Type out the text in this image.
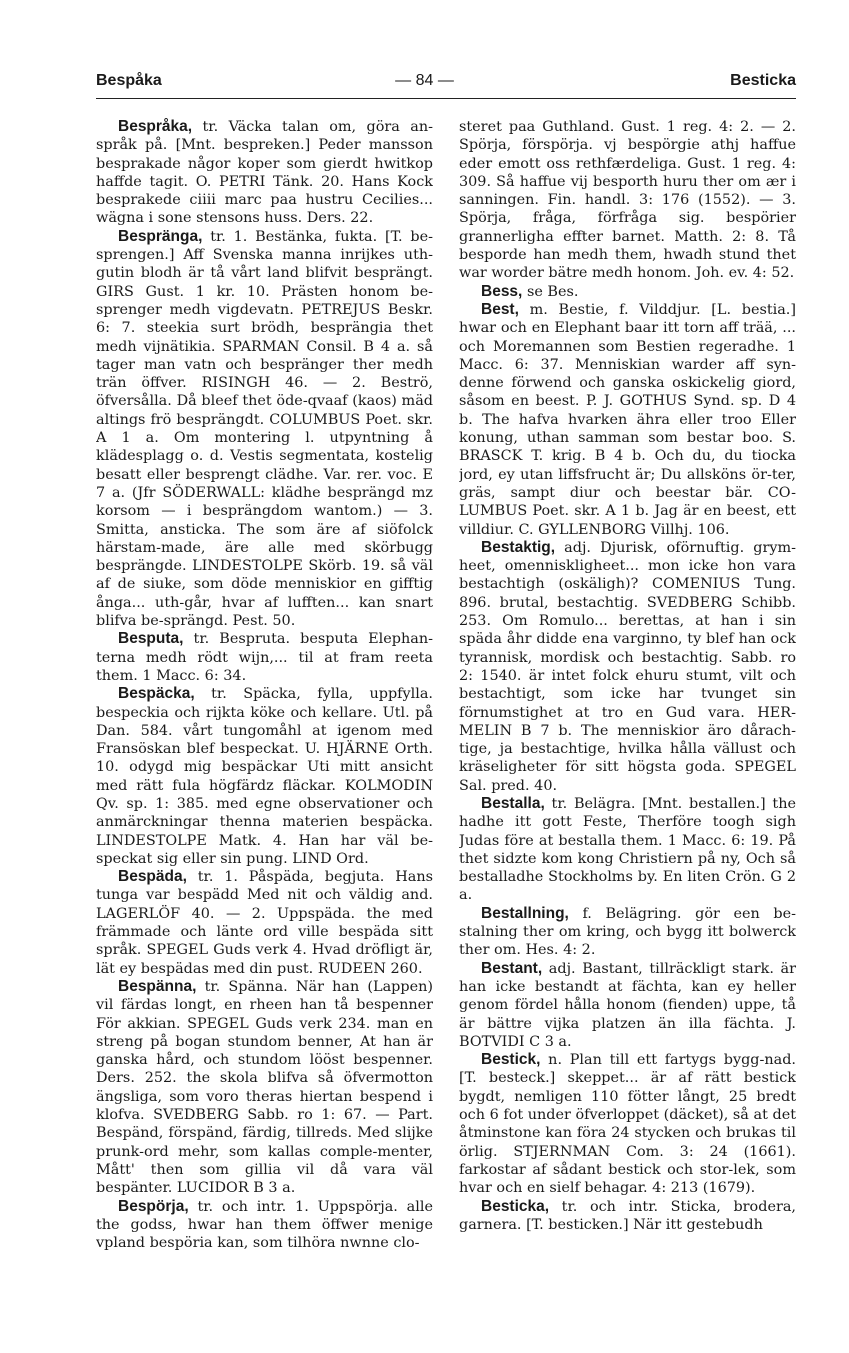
Bespåka	— 84 —	Besticka

Bespråka, tr. Väcka talan om, göra an-språk på. [Mnt. bespreken.] Peder mansson besprakade någor koper som gierdt hwitkop haffde tagit. O. PETRI Tänk. 20. Hans Kock besprakede ciiii marc paa hustru Cecilies... wägna i sone stensons huss. Ders. 22.

Bespränga, tr. 1. Bestänka, fukta. [T. be-sprengen.] Aff Svenska manna inrijkes uth-gutin blodh är tå vårt land blifvit besprängt. GIRS Gust. 1 kr. 10. Prästen honom be-sprenger medh vigdevatn. PETREJUS Beskr. 6: 7. steekia surt brödh, besprängia thet medh vijnätikia. SPARMAN Consil. B 4 a. så tager man vatn och bespränger ther medh trän öffver. RISINGH 46. — 2. Beströ, öfversålla. Då bleef thet öde-qvaaf (kaos) mäd altings frö besprängdt. COLUMBUS Poet. skr. A 1 a. Om montering l. utpyntning å klädesplagg o. d. Vestis segmentata, kostelig besatt eller besprengt clädhe. Var. rer. voc. E 7 a. (Jfr SÖDERWALL: klädhe besprängd mz korsom — i besprängdom wantom.) — 3. Smitta, ansticka. The som äre af siöfolck härstam-made, äre alle med skörbugg besprängde. LINDESTOLPE Skörb. 19. så väl af de siuke, som döde menniskior en gifftig ånga... uth-går, hvar af lufften... kan snart blifva be-sprängd. Pest. 50.

Besputa, tr. Bespruta. besputa Elephan-terna medh rödt wijn,... til at fram reeta them. 1 Macc. 6: 34.

Bespäcka, tr. Späcka, fylla, uppfylla. bespeckia och rijkta köke och kellare. Utl. på Dan. 584. vårt tungomåhl at igenom med Fransöskan blef bespeckat. U. HJÄRNE Orth. 10. odygd mig bespäckar Uti mitt ansicht med rätt fula högfärdz fläckar. KOLMODIN Qv. sp. 1: 385. med egne observationer och anmärckningar thenna materien bespäcka. LINDESTOLPE Matk. 4. Han har väl be-speckat sig eller sin pung. LIND Ord.

Bespäda, tr. 1. Påspäda, begjuta. Hans tunga var bespädd Med nit och väldig and. LAGERLÖF 40. — 2. Uppspäda. the med främmade och länte ord ville bespäda sitt språk. SPEGEL Guds verk 4. Hvad dröfligt är, lät ey bespädas med din pust. RUDEEN 260.

Bespänna, tr. Spänna. När han (Lappen) vil färdas longt, en rheen han tå bespenner För akkian. SPEGEL Guds verk 234. man en streng på bogan stundom benner, At han är ganska hård, och stundom lööst bespenner. Ders. 252. the skola blifva så öfvermotton ängsliga, som voro theras hiertan bespend i klofva. SVEDBERG Sabb. ro 1: 67. — Part. Bespänd, förspänd, färdig, tillreds. Med slijke prunk-ord mehr, som kallas comple-menter, Mått' then som gillia vil då vara väl bespänter. LUCIDOR B 3 a.

Bespörja, tr. och intr. 1. Uppspörja. alle the godss, hwar han them öffwer menige vpland bespöria kan, som tilhöra nwnne clo-

steret paa Guthland. Gust. 1 reg. 4: 2. — 2. Spörja, förspörja. vj bespörgie athj haffue eder emott oss rethfærdeliga. Gust. 1 reg. 4: 309. Så haffue vij besporth huru ther om ær i sanningen. Fin. handl. 3: 176 (1552). — 3. Spörja, fråga, förfråga sig. bespörier grannerligha effter barnet. Matth. 2: 8. Tå besporde han medh them, hwadh stund thet war worder bätre medh honom. Joh. ev. 4: 52.

Bess, se Bes.

Best, m. Bestie, f. Vilddjur. [L. bestia.] hwar och en Elephant baar itt torn aff trää, ... och Moremannen som Bestien regeradhe. 1 Macc. 6: 37. Menniskian warder aff syn-denne förwend och ganska oskickelig giord, såsom en beest. P. J. GOTHUS Synd. sp. D 4 b. The hafva hvarken ähra eller troo Eller konung, uthan samman som bestar boo. S. BRASCK T. krig. B 4 b. Och du, du tiocka jord, ey utan liffsfrucht är; Du allsköns ör-ter, gräs, sampt diur och beestar bär. CO-LUMBUS Poet. skr. A 1 b. Jag är en beest, ett villdiur. C. GYLLENBORG Villhj. 106.

Bestaktig, adj. Djurisk, oförnuftig. grym-heet, omenniskligheet... mon icke hon vara bestachtigh (oskäligh)? COMENIUS Tung. 896. brutal, bestachtig. SVEDBERG Schibb. 253. Om Romulo... berettas, at han i sin späda åhr didde ena varginno, ty blef han ock tyrannisk, mordisk och bestachtig. Sabb. ro 2: 1540. är intet folck ehuru stumt, vilt och bestachtigt, som icke har tvunget sin förnumstighet at tro en Gud vara. HER-MELIN B 7 b. The menniskior äro dårach-tige, ja bestachtige, hvilka hålla vällust och kräseligheter för sitt högsta goda. SPEGEL Sal. pred. 40.

Bestalla, tr. Belägra. [Mnt. bestallen.] the hadhe itt gott Feste, Therföre toogh sigh Judas före at bestalla them. 1 Macc. 6: 19. På thet sidzte kom kong Christiern på ny, Och så bestalladhe Stockholms by. En liten Crön. G 2 a.

Bestallning, f. Belägring. gör een be-stalning ther om kring, och bygg itt bolwerck ther om. Hes. 4: 2.

Bestant, adj. Bastant, tillräckligt stark. är han icke bestandt at fächta, kan ey heller genom fördel hålla honom (fienden) uppe, tå är bättre vijka platzen än illa fächta. J. BOTVIDI C 3 a.

Bestick, n. Plan till ett fartygs bygg-nad. [T. besteck.] skeppet... är af rätt bestick bygdt, nemligen 110 fötter långt, 25 bredt och 6 fot under öfverloppet (däcket), så at det åtminstone kan föra 24 stycken och brukas til örlig. STJERNMAN Com. 3: 24 (1661). farkostar af sådant bestick och stor-lek, som hvar och en sielf behagar. 4: 213 (1679).

Besticka, tr. och intr. Sticka, brodera, garnera. [T. besticken.] När itt gestebudh
